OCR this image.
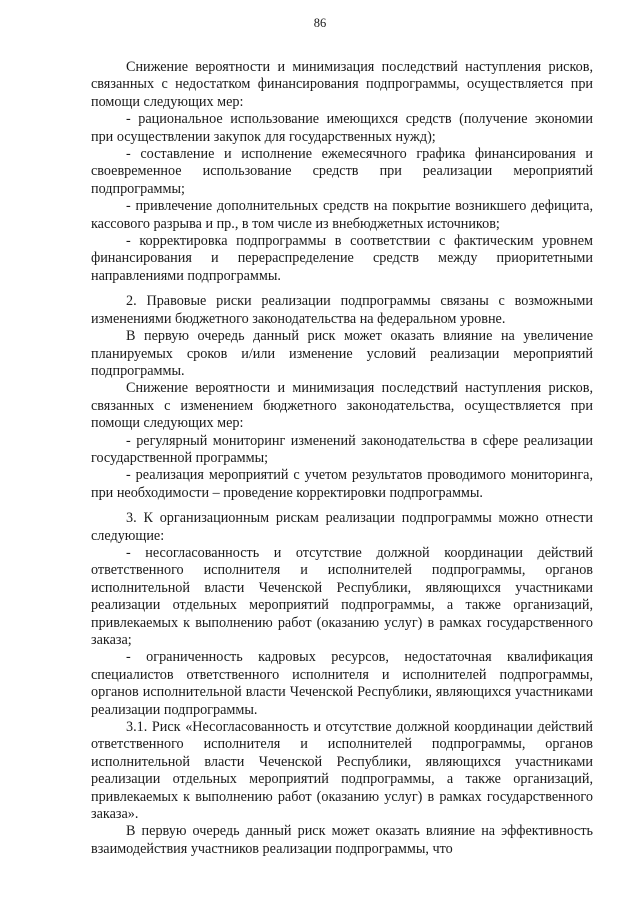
86

Снижение вероятности и минимизация последствий наступления рисков, связанных с недостатком финансирования подпрограммы, осуществляется при помощи следующих мер:

- рациональное использование имеющихся средств (получение экономии при осуществлении закупок для государственных нужд);

- составление и исполнение ежемесячного графика финансирования и своевременное использование средств при реализации мероприятий подпрограммы;

- привлечение дополнительных средств на покрытие возникшего дефицита, кассового разрыва и пр., в том числе из внебюджетных источников;

- корректировка подпрограммы в соответствии с фактическим уровнем финансирования и перераспределение средств между приоритетными направлениями подпрограммы.

2. Правовые риски реализации подпрограммы связаны с возможными изменениями бюджетного законодательства на федеральном уровне.

В первую очередь данный риск может оказать влияние на увеличение планируемых сроков и/или изменение условий реализации мероприятий подпрограммы.

Снижение вероятности и минимизация последствий наступления рисков, связанных с изменением бюджетного законодательства, осуществляется при помощи следующих мер:

- регулярный мониторинг изменений законодательства в сфере реализации государственной программы;

- реализация мероприятий с учетом результатов проводимого мониторинга, при необходимости – проведение корректировки подпрограммы.

3. К организационным рискам реализации подпрограммы можно отнести следующие:

- несогласованность и отсутствие должной координации действий ответственного исполнителя и исполнителей подпрограммы, органов исполнительной власти Чеченской Республики, являющихся участниками реализации отдельных мероприятий подпрограммы, а также организаций, привлекаемых к выполнению работ (оказанию услуг) в рамках государственного заказа;

- ограниченность кадровых ресурсов, недостаточная квалификация специалистов ответственного исполнителя и исполнителей подпрограммы, органов исполнительной власти Чеченской Республики, являющихся участниками реализации подпрограммы.

3.1. Риск «Несогласованность и отсутствие должной координации действий ответственного исполнителя и исполнителей подпрограммы, органов исполнительной власти Чеченской Республики, являющихся участниками реализации отдельных мероприятий подпрограммы, а также организаций, привлекаемых к выполнению работ (оказанию услуг) в рамках государственного заказа».

В первую очередь данный риск может оказать влияние на эффективность взаимодействия участников реализации подпрограммы, что
